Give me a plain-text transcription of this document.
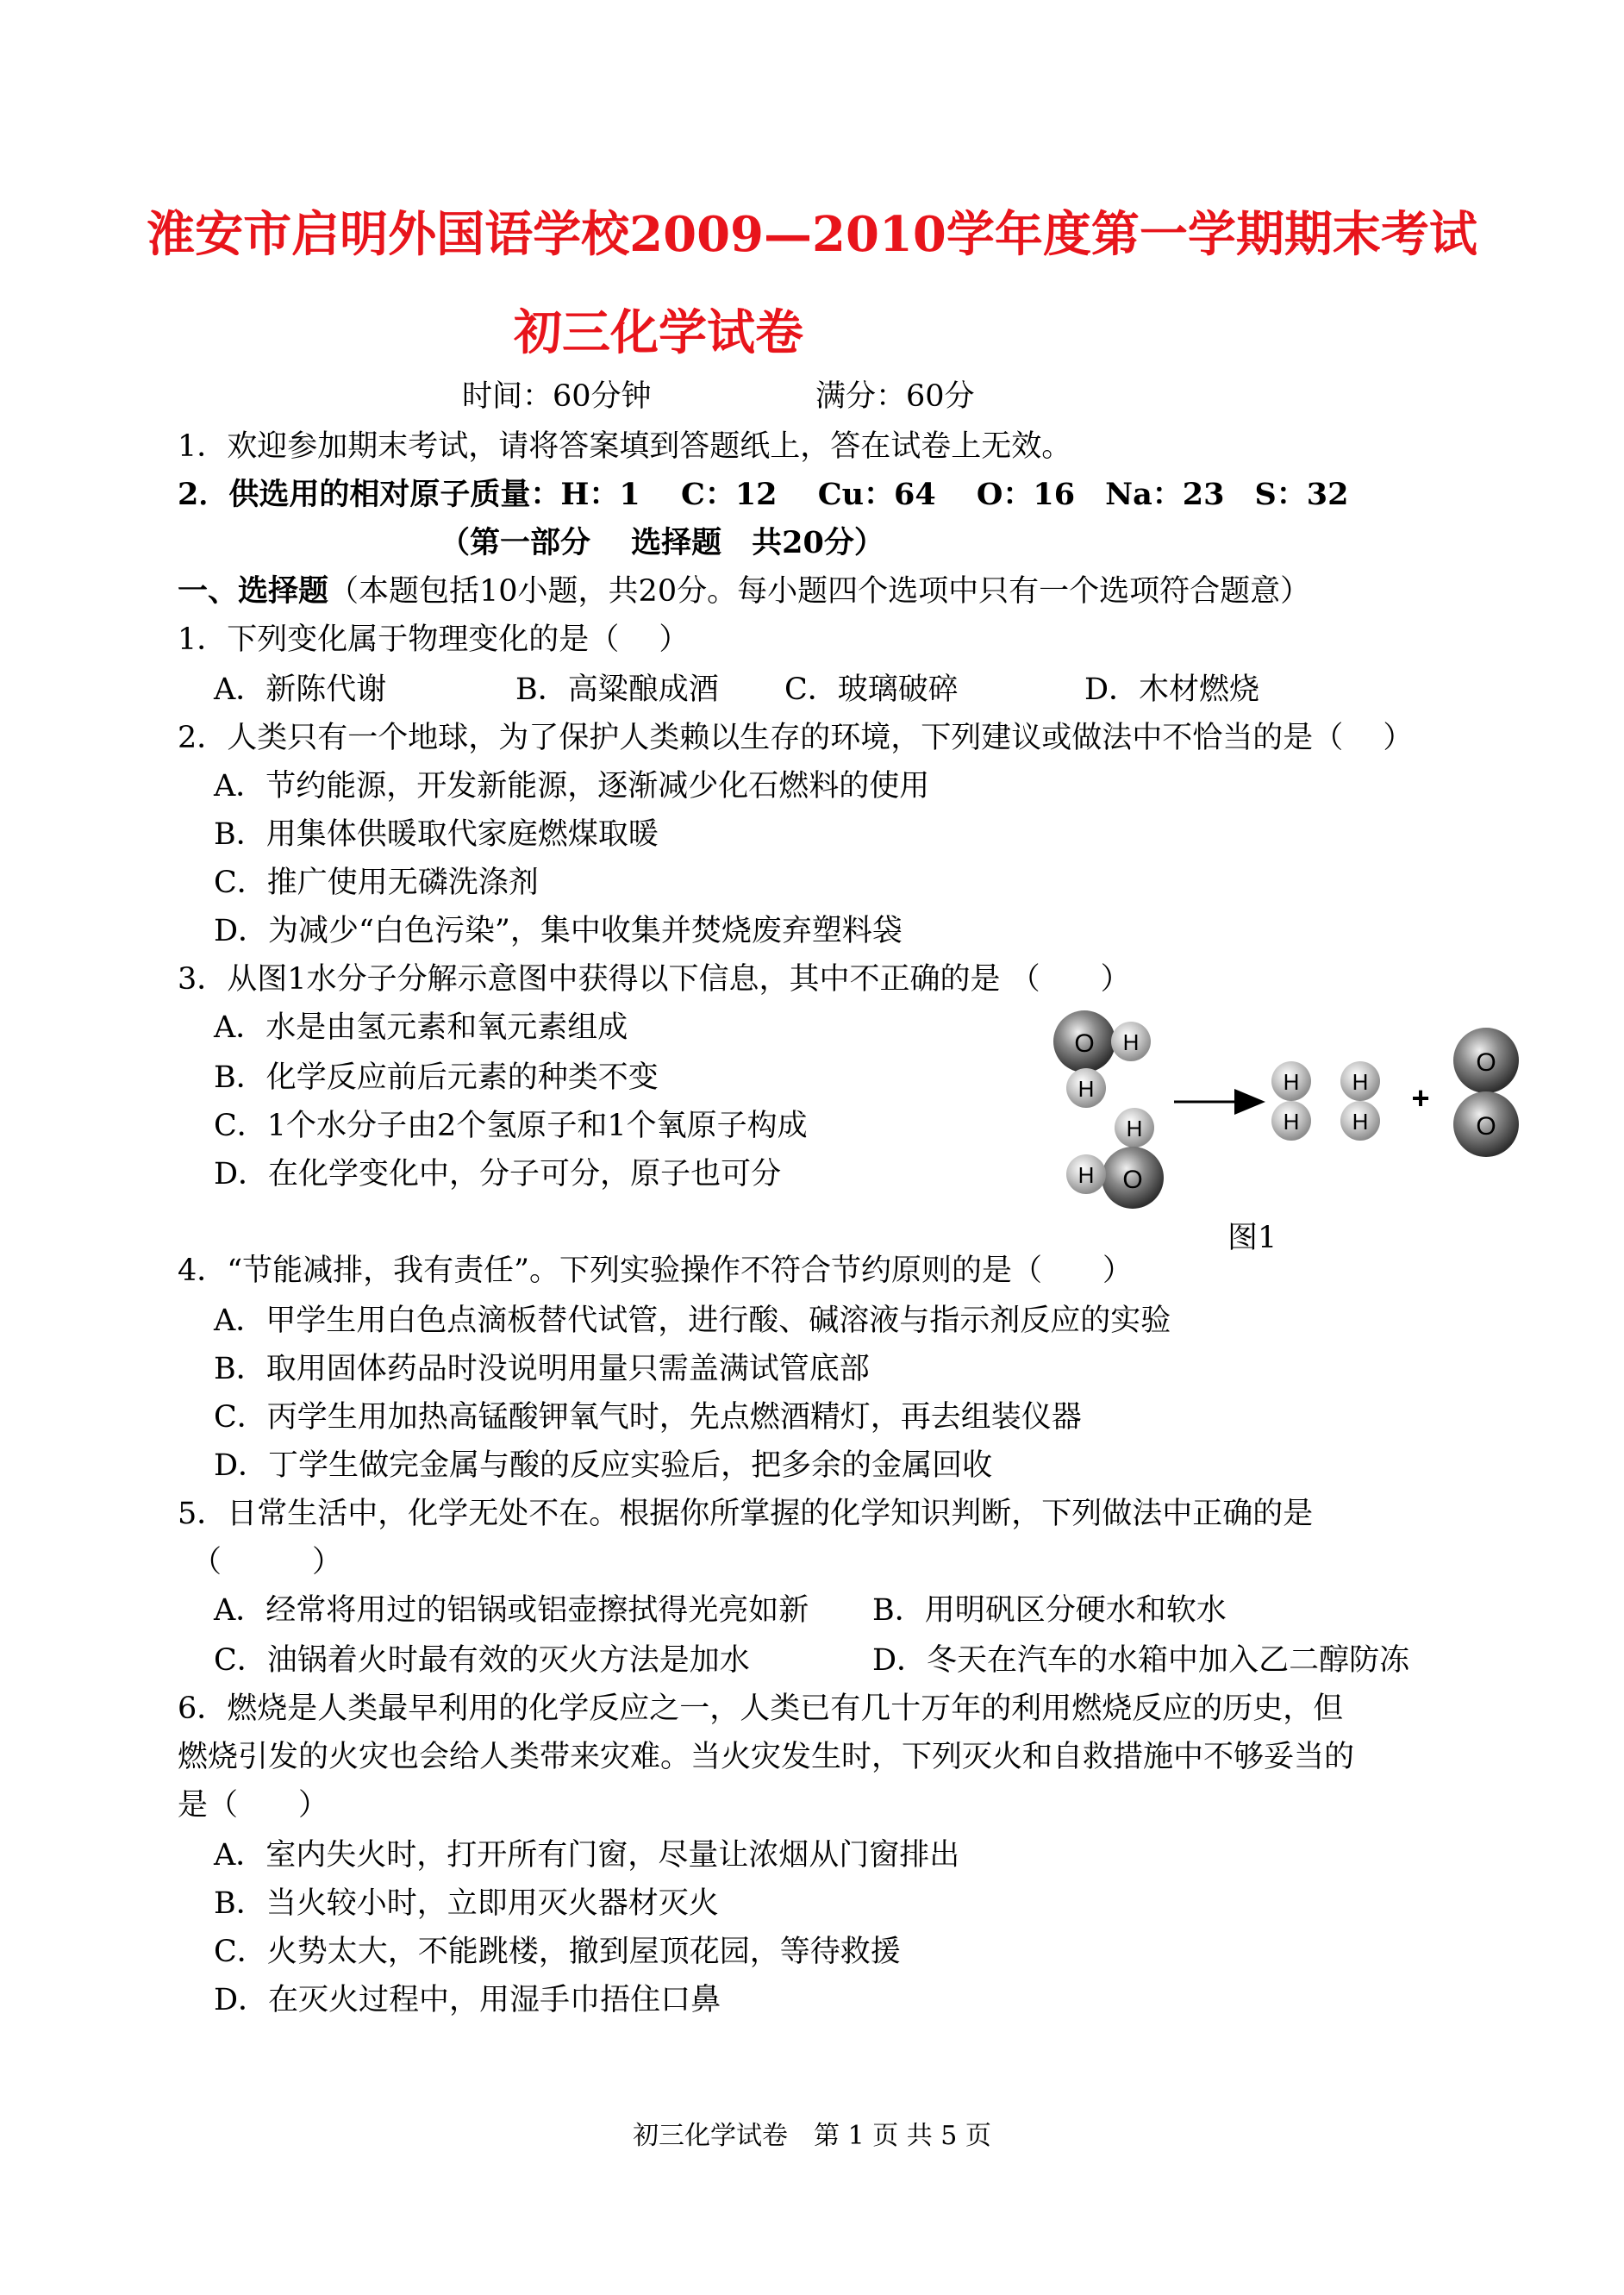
淮安市启明外国语学校2009—2010学年度第一学期期末考试
初三化学试卷
时间：60分钟	满分：60分
1．欢迎参加期末考试，请将答案填到答题纸上，答在试卷上无效。
2．供选用的相对原子质量：H：1　 C：12　 Cu：64　 O：16　Na：23　S：32
（第一部分　 选择题　共20分）
一、选择题（本题包括10小题，共20分。每小题四个选项中只有一个选项符合题意）
1．下列变化属于物理变化的是（　 ）
A．新陈代谢	B．高粱酿成酒 C．玻璃破碎	D．木材燃烧
2．人类只有一个地球，为了保护人类赖以生存的环境，下列建议或做法中不恰当的是（　 ）
A．节约能源，开发新能源，逐渐减少化石燃料的使用
B．用集体供暖取代家庭燃煤取暖
C．推广使用无磷洗涤剂
D．为减少“白色污染”，集中收集并焚烧废弃塑料袋
3．从图1水分子分解示意图中获得以下信息，其中不正确的是 （　　）
A．水是由氢元素和氧元素组成
B．化学反应前后元素的种类不变
C．1个水分子由2个氢原子和1个氧原子构成
D．在化学变化中，分子可分，原子也可分
O H
H
H
O
H
H
H
H
H
+
O
O
图1
4．“节能减排，我有责任”。下列实验操作不符合节约原则的是（　　）
A．甲学生用白色点滴板替代试管，进行酸、碱溶液与指示剂反应的实验
B．取用固体药品时没说明用量只需盖满试管底部
C．丙学生用加热高锰酸钾氧气时，先点燃酒精灯，再去组装仪器
D．丁学生做完金属与酸的反应实验后，把多余的金属回收
5．日常生活中，化学无处不在。根据你所掌握的化学知识判断，下列做法中正确的是
（　　　）
A．经常将用过的铝锅或铝壶擦拭得光亮如新 B．用明矾区分硬水和软水
C．油锅着火时最有效的灭火方法是加水	D．冬天在汽车的水箱中加入乙二醇防冻
6．燃烧是人类最早利用的化学反应之一，人类已有几十万年的利用燃烧反应的历史，但
燃烧引发的火灾也会给人类带来灾难。当火灾发生时，下列灭火和自救措施中不够妥当的
是（　　）
A．室内失火时，打开所有门窗，尽量让浓烟从门窗排出
B．当火较小时，立即用灭火器材灭火
C．火势太大，不能跳楼，撤到屋顶花园，等待救援
D．在灭火过程中，用湿手巾捂住口鼻
初三化学试卷　第 1 页 共 5 页
